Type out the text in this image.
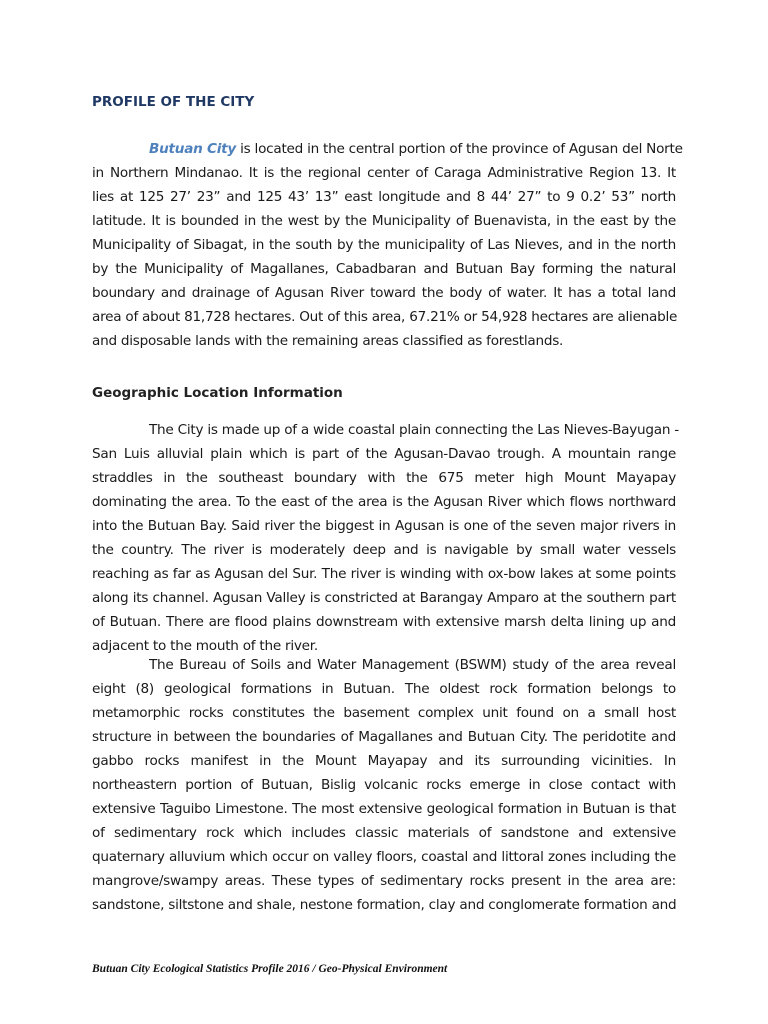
PROFILE OF THE CITY
Butuan City is located in the central portion of the province of Agusan del Norte
in Northern Mindanao. It is the regional center of Caraga Administrative Region 13. It
lies at 125 27’ 23” and 125 43’ 13” east longitude and 8 44’ 27” to 9 0.2’ 53” north
latitude. It is bounded in the west by the Municipality of Buenavista, in the east by the
Municipality of Sibagat, in the south by the municipality of Las Nieves, and in the north
by the Municipality of Magallanes, Cabadbaran and Butuan Bay forming the natural
boundary and drainage of Agusan River toward the body of water. It has a total land
area of about 81,728 hectares. Out of this area, 67.21% or 54,928 hectares are alienable
and disposable lands with the remaining areas classified as forestlands.
Geographic Location Information
The City is made up of a wide coastal plain connecting the Las Nieves-Bayugan -
San Luis alluvial plain which is part of the Agusan-Davao trough. A mountain range
straddles in the southeast boundary with the 675 meter high Mount Mayapay
dominating the area. To the east of the area is the Agusan River which flows northward
into the Butuan Bay. Said river the biggest in Agusan is one of the seven major rivers in
the country. The river is moderately deep and is navigable by small water vessels
reaching as far as Agusan del Sur. The river is winding with ox-bow lakes at some points
along its channel. Agusan Valley is constricted at Barangay Amparo at the southern part
of Butuan. There are flood plains downstream with extensive marsh delta lining up and
adjacent to the mouth of the river.
The Bureau of Soils and Water Management (BSWM) study of the area reveal
eight (8) geological formations in Butuan. The oldest rock formation belongs to
metamorphic rocks constitutes the basement complex unit found on a small host
structure in between the boundaries of Magallanes and Butuan City. The peridotite and
gabbo rocks manifest in the Mount Mayapay and its surrounding vicinities. In
northeastern portion of Butuan, Bislig volcanic rocks emerge in close contact with
extensive Taguibo Limestone. The most extensive geological formation in Butuan is that
of sedimentary rock which includes classic materials of sandstone and extensive
quaternary alluvium which occur on valley floors, coastal and littoral zones including the
mangrove/swampy areas. These types of sedimentary rocks present in the area are:
sandstone, siltstone and shale, nestone formation, clay and conglomerate formation and
Butuan City Ecological Statistics Profile 2016 / Geo-Physical Environment
